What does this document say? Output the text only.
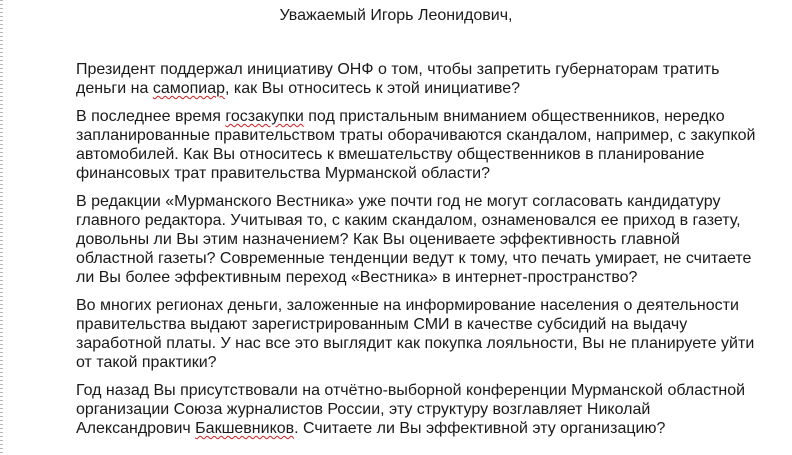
Уважаемый Игорь Леонидович,

Президент поддержал инициативу ОНФ о том, чтобы запретить губернаторам тратить деньги на самопиар, как Вы относитесь к этой инициативе?

В последнее время госзакупки под пристальным вниманием общественников, нередко запланированные правительством траты оборачиваются скандалом, например, с закупкой автомобилей. Как Вы относитесь к вмешательству общественников в планирование финансовых трат правительства Мурманской области?

В редакции «Мурманского Вестника» уже почти год не могут согласовать кандидатуру главного редактора. Учитывая то, с каким скандалом, ознаменовался ее приход в газету, довольны ли Вы этим назначением? Как Вы оцениваете эффективность главной областной газеты? Современные тенденции ведут к тому, что печать умирает, не считаете ли Вы более эффективным переход «Вестника» в интернет-пространство?

Во многих регионах деньги, заложенные на информирование населения о деятельности правительства выдают зарегистрированным СМИ в качестве субсидий на выдачу заработной платы. У нас все это выглядит как покупка лояльности, Вы не планируете уйти от такой практики?

Год назад Вы присутствовали на отчётно-выборной конференции Мурманской областной организации Союза журналистов России, эту структуру возглавляет Николай Александрович Бакшевников. Считаете ли Вы эффективной эту организацию?
